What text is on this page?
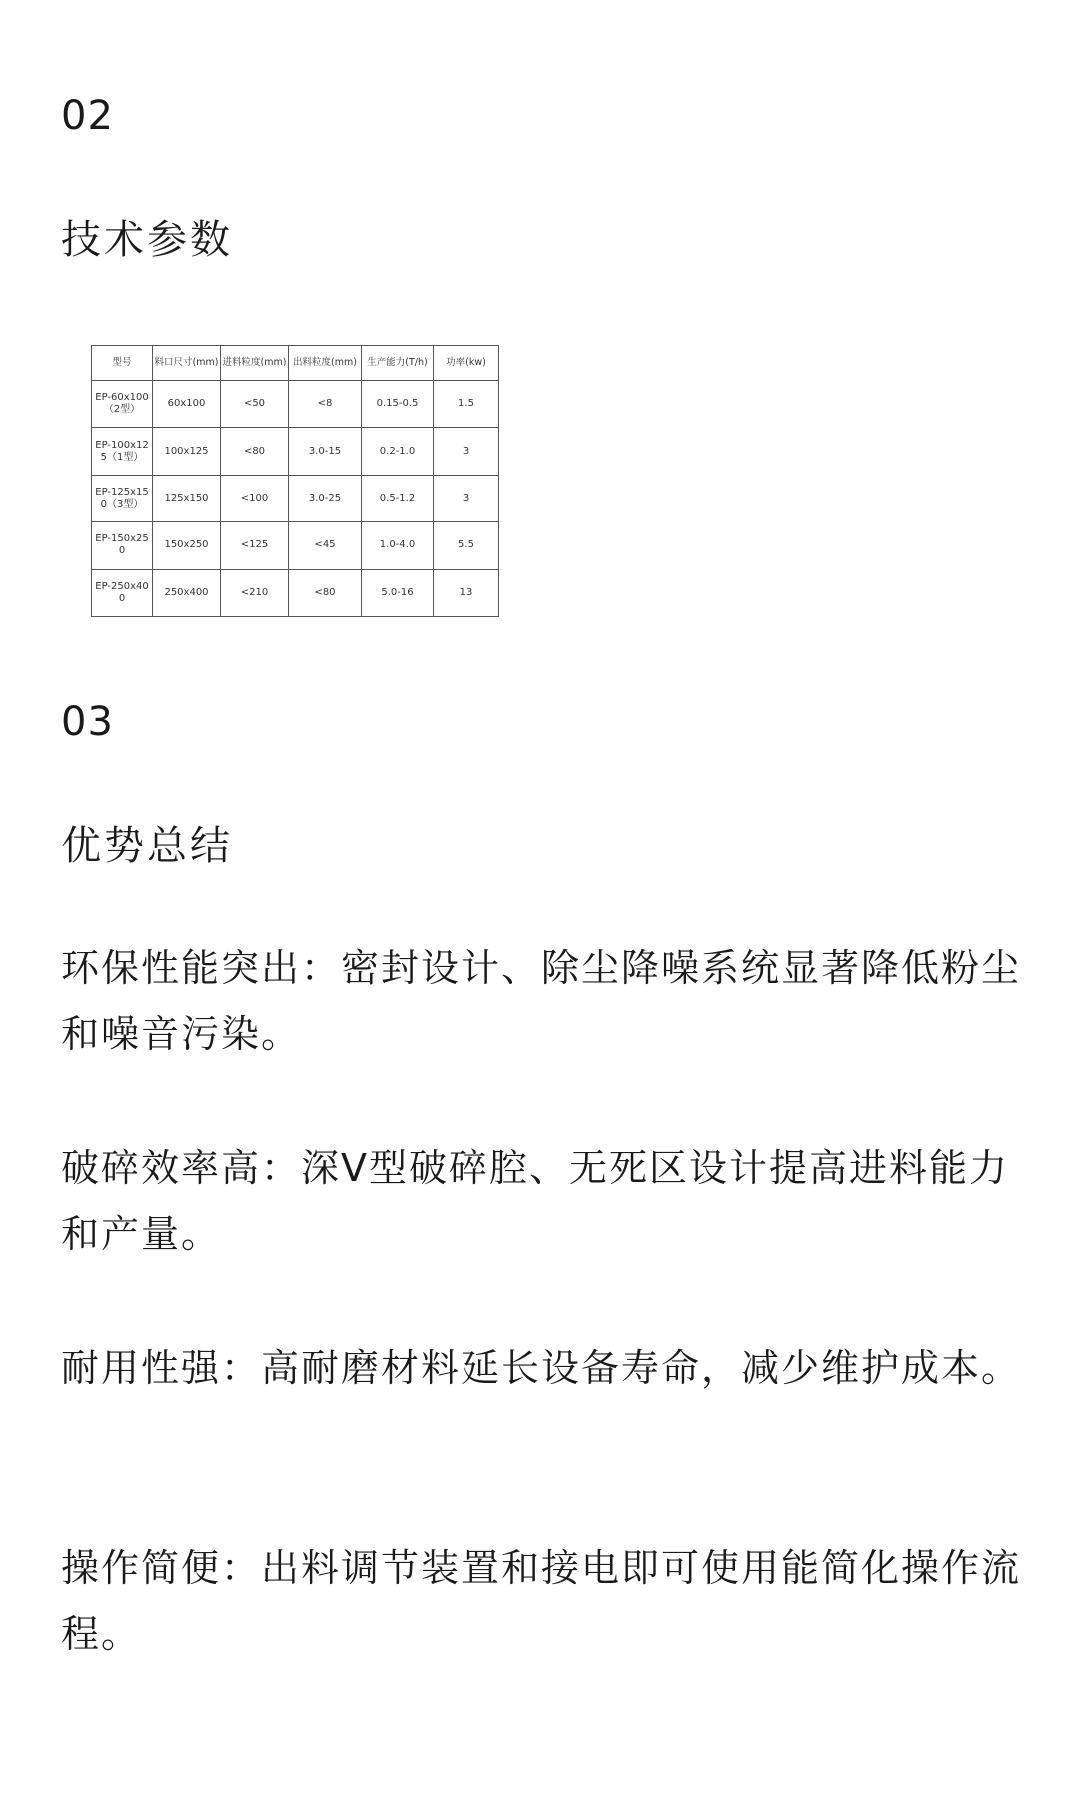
02
技术参数
型号	料口尺寸(mm)	进料粒度(mm)	出料粒度(mm)	生产能力(T/h)	功率(kw)
EP-60x100（2型）	60x100	<50	<8	0.15-0.5	1.5
EP-100x125（1型）	100x125	<80	3.0-15	0.2-1.0	3
EP-125x150（3型）	125x150	<100	3.0-25	0.5-1.2	3
EP-150x250	150x250	<125	<45	1.0-4.0	5.5
EP-250x400	250x400	<210	<80	5.0-16	13
03
优势总结

环保性能突出：密封设计、除尘降噪系统显著降低粉尘和噪音污染。

破碎效率高：深V型破碎腔、无死区设计提高进料能力和产量。

耐用性强：高耐磨材料延长设备寿命，减少维护成本。

操作简便：出料调节装置和接电即可使用能简化操作流程。
